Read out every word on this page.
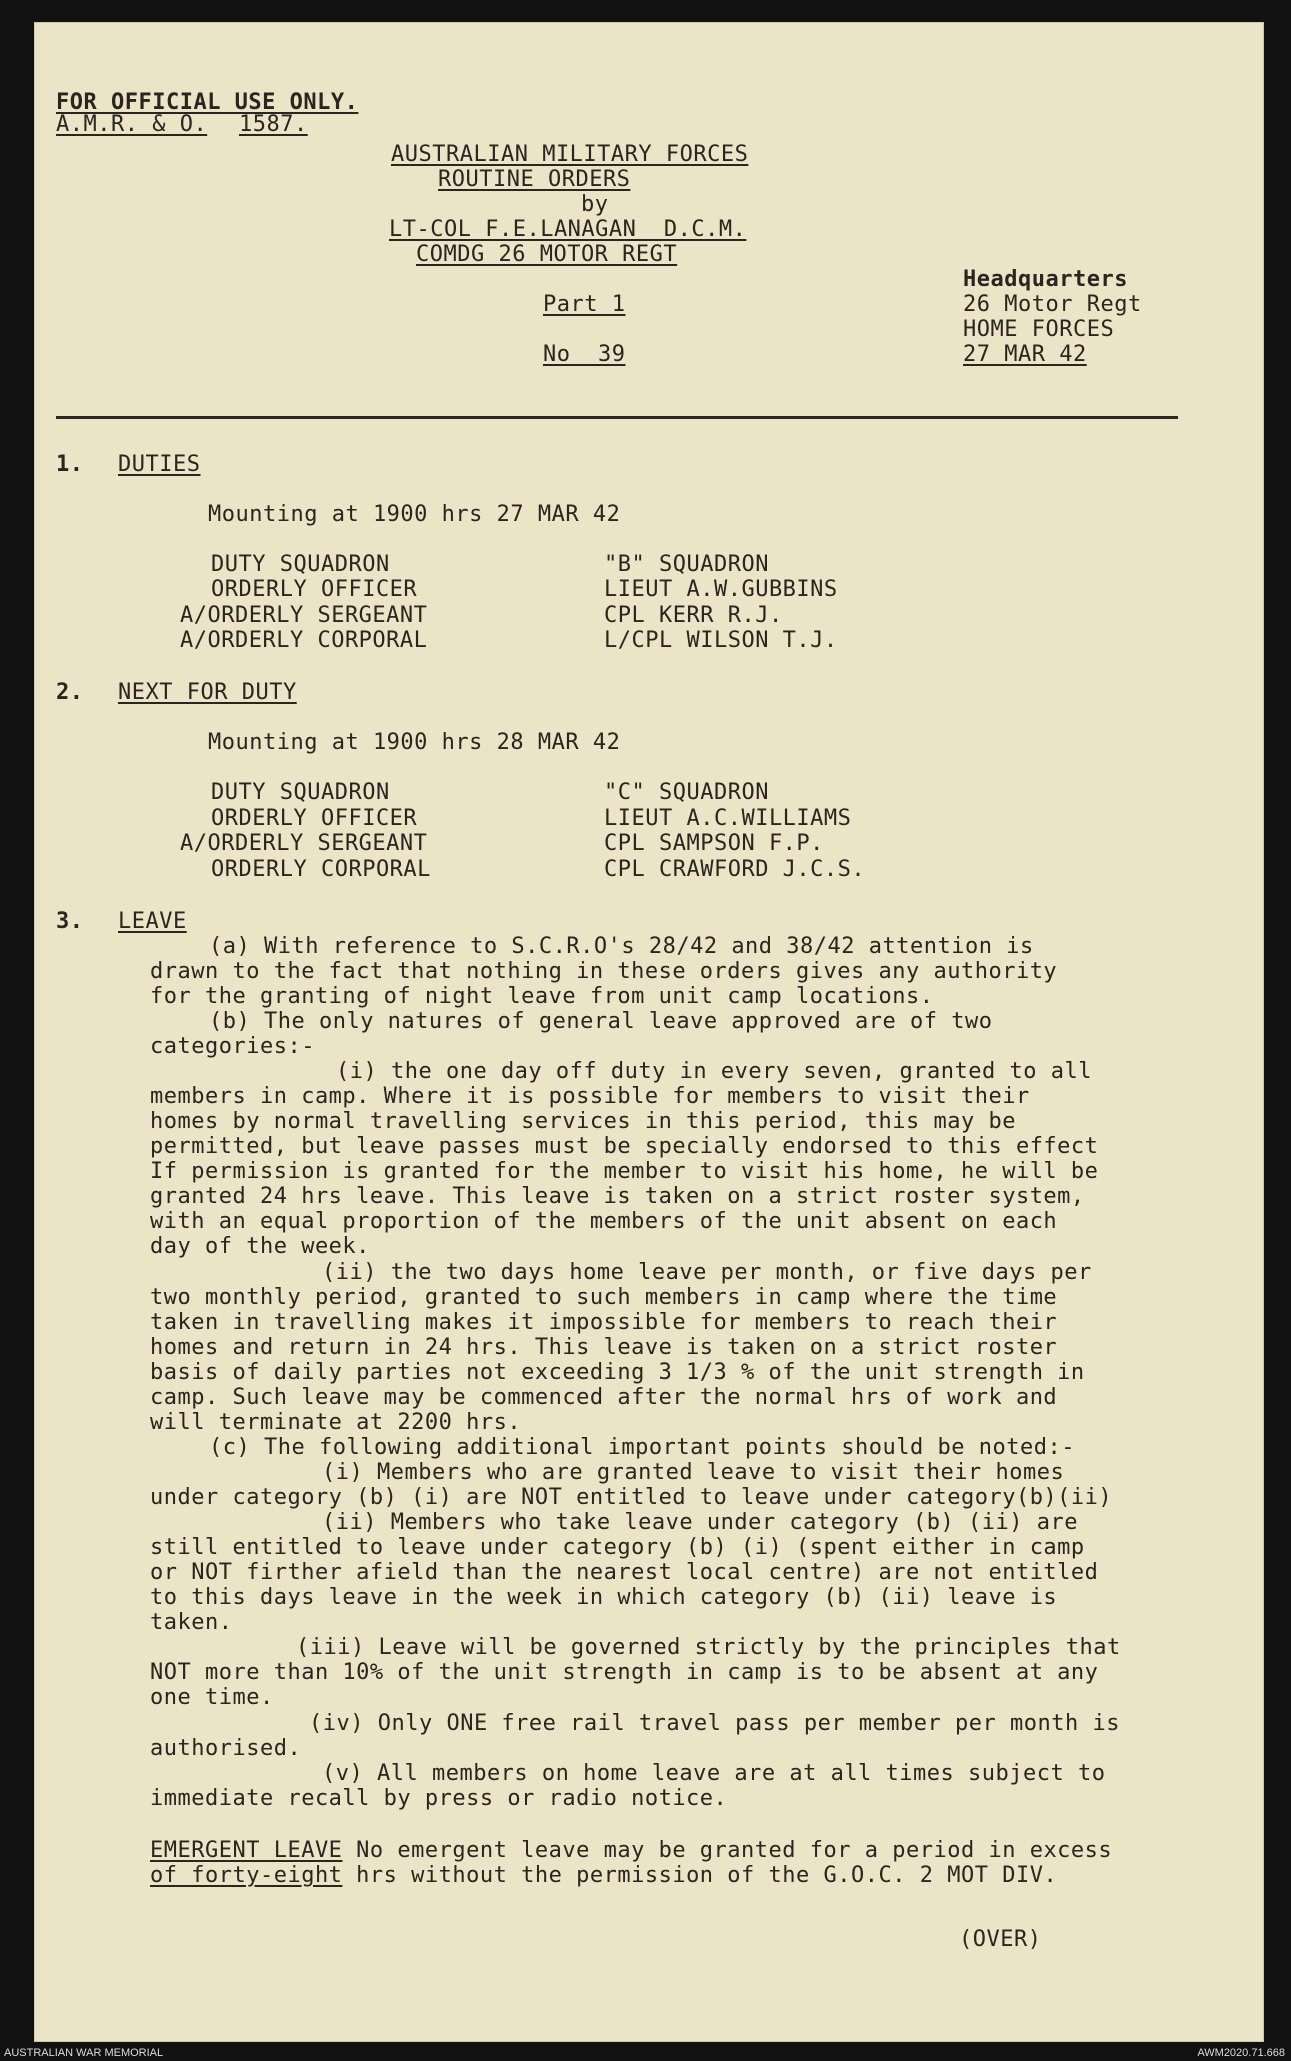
FOR OFFICIAL USE ONLY.
A.M.R. & O. 1587.
AUSTRALIAN MILITARY FORCES
ROUTINE ORDERS
by
LT-COL F.E.LANAGAN  D.C.M.
COMDG 26 MOTOR REGT
Part 1
No  39
Headquarters
26 Motor Regt
HOME FORCES
27 MAR 42
1. DUTIES
Mounting at 1900 hrs 27 MAR 42
DUTY SQUADRON	"B" SQUADRON
ORDERLY OFFICER	LIEUT A.W.GUBBINS
A/ORDERLY SERGEANT	CPL KERR R.J.
A/ORDERLY CORPORAL	L/CPL WILSON T.J.
2. NEXT FOR DUTY
Mounting at 1900 hrs 28 MAR 42
DUTY SQUADRON	"C" SQUADRON
ORDERLY OFFICER	LIEUT A.C.WILLIAMS
A/ORDERLY SERGEANT	CPL SAMPSON F.P.
ORDERLY CORPORAL	CPL CRAWFORD J.C.S.
3. LEAVE
(a) With reference to S.C.R.O's 28/42 and 38/42 attention is
drawn to the fact that nothing in these orders gives any authority
for the granting of night leave from unit camp locations.
(b) The only natures of general leave approved are of two
categories:-
(i) the one day off duty in every seven, granted to all
members in camp. Where it is possible for members to visit their
homes by normal travelling services in this period, this may be
permitted, but leave passes must be specially endorsed to this effect
If permission is granted for the member to visit his home, he will be
granted 24 hrs leave. This leave is taken on a strict roster system,
with an equal proportion of the members of the unit absent on each
day of the week.
(ii) the two days home leave per month, or five days per
two monthly period, granted to such members in camp where the time
taken in travelling makes it impossible for members to reach their
homes and return in 24 hrs. This leave is taken on a strict roster
basis of daily parties not exceeding 3 1/3 % of the unit strength in
camp. Such leave may be commenced after the normal hrs of work and
will terminate at 2200 hrs.
(c) The following additional important points should be noted:-
(i) Members who are granted leave to visit their homes
under category (b) (i) are NOT entitled to leave under category(b)(ii)
(ii) Members who take leave under category (b) (ii) are
still entitled to leave under category (b) (i) (spent either in camp
or NOT firther afield than the nearest local centre) are not entitled
to this days leave in the week in which category (b) (ii) leave is
taken.
(iii) Leave will be governed strictly by the principles that
NOT more than 10% of the unit strength in camp is to be absent at any
one time.
(iv) Only ONE free rail travel pass per member per month is
authorised.
(v) All members on home leave are at all times subject to
immediate recall by press or radio notice.
EMERGENT LEAVE No emergent leave may be granted for a period in excess
of forty-eight hrs without the permission of the G.O.C. 2 MOT DIV.
(OVER)
AUSTRALIAN WAR MEMORIAL	AWM2020.71.668
